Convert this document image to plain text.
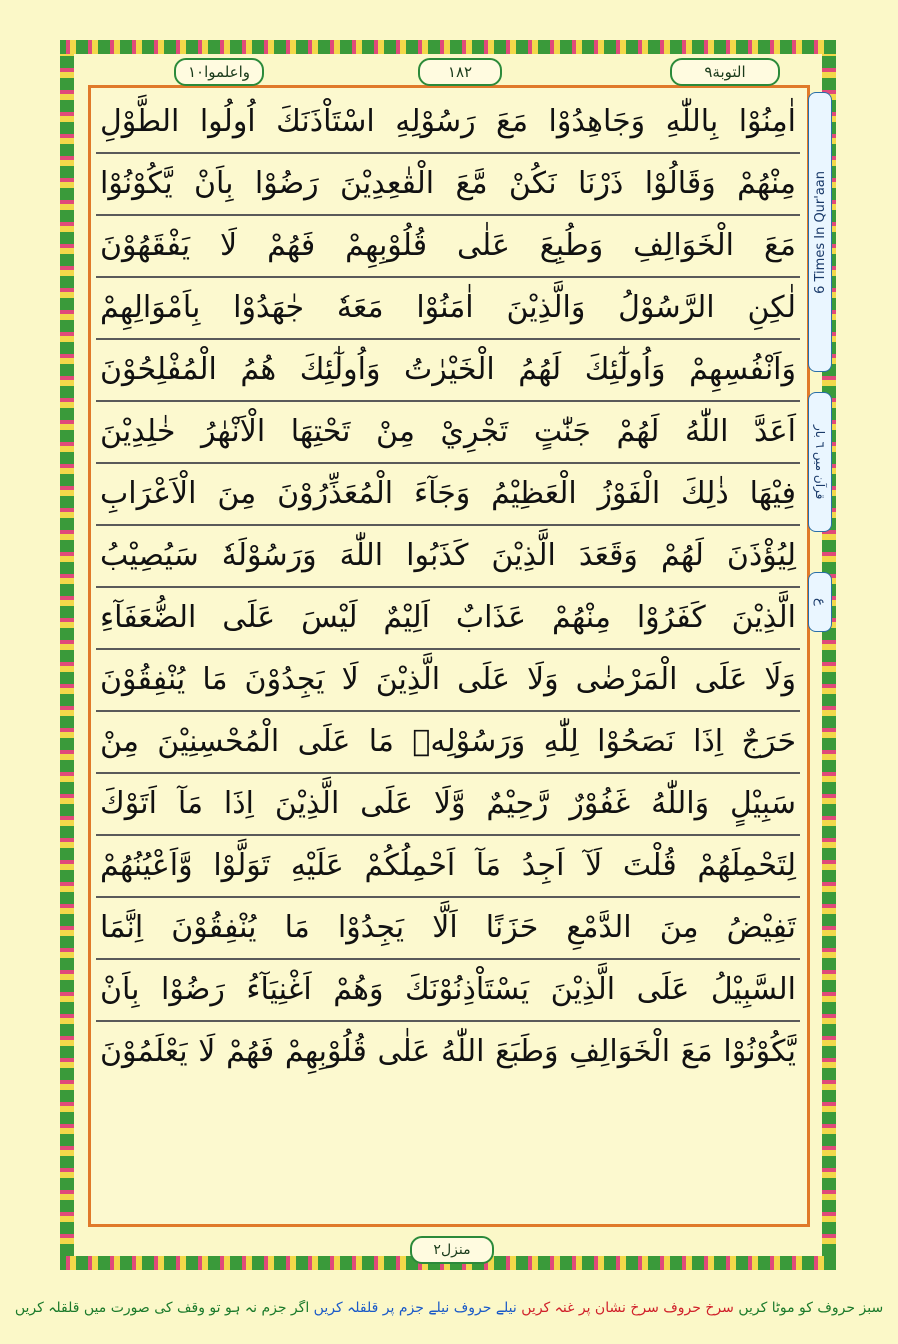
واعلموا١٠	١٨٢	التوبة٩
اٰمِنُوْا بِاللّٰهِ وَجَاهِدُوْا مَعَ رَسُوْلِهِ اسْتَاْذَنَكَ اُولُوا الطَّوْلِ
مِنْهُمْ وَقَالُوْا ذَرْنَا نَكُنْ مَّعَ الْقٰعِدِيْنَ رَضُوْا بِاَنْ يَّكُوْنُوْا
مَعَ الْخَوَالِفِ وَطُبِعَ عَلٰى قُلُوْبِهِمْ فَهُمْ لَا يَفْقَهُوْنَ
لٰكِنِ الرَّسُوْلُ وَالَّذِيْنَ اٰمَنُوْا مَعَهٗ جٰهَدُوْا بِاَمْوَالِهِمْ
وَاَنْفُسِهِمْ وَاُولٰٓئِكَ لَهُمُ الْخَيْرٰتُ وَاُولٰٓئِكَ هُمُ الْمُفْلِحُوْنَ
اَعَدَّ اللّٰهُ لَهُمْ جَنّٰتٍ تَجْرِيْ مِنْ تَحْتِهَا الْاَنْهٰرُ خٰلِدِيْنَ
فِيْهَا ذٰلِكَ الْفَوْزُ الْعَظِيْمُ وَجَآءَ الْمُعَذِّرُوْنَ مِنَ الْاَعْرَابِ
لِيُؤْذَنَ لَهُمْ وَقَعَدَ الَّذِيْنَ كَذَبُوا اللّٰهَ وَرَسُوْلَهٗ سَيُصِيْبُ
الَّذِيْنَ كَفَرُوْا مِنْهُمْ عَذَابٌ اَلِيْمٌ لَيْسَ عَلَى الضُّعَفَآءِ
وَلَا عَلَى الْمَرْضٰى وَلَا عَلَى الَّذِيْنَ لَا يَجِدُوْنَ مَا يُنْفِقُوْنَ
حَرَجٌ اِذَا نَصَحُوْا لِلّٰهِ وَرَسُوْلِهٖ مَا عَلَى الْمُحْسِنِيْنَ مِنْ
سَبِيْلٍ وَاللّٰهُ غَفُوْرٌ رَّحِيْمٌ وَّلَا عَلَى الَّذِيْنَ اِذَا مَآ اَتَوْكَ
لِتَحْمِلَهُمْ قُلْتَ لَآ اَجِدُ مَآ اَحْمِلُكُمْ عَلَيْهِ تَوَلَّوْا وَّاَعْيُنُهُمْ
تَفِيْضُ مِنَ الدَّمْعِ حَزَنًا اَلَّا يَجِدُوْا مَا يُنْفِقُوْنَ اِنَّمَا
السَّبِيْلُ عَلَى الَّذِيْنَ يَسْتَاْذِنُوْنَكَ وَهُمْ اَغْنِيَآءُ رَضُوْا بِاَنْ
يَّكُوْنُوْا مَعَ الْخَوَالِفِ وَطَبَعَ اللّٰهُ عَلٰى قُلُوْبِهِمْ فَهُمْ لَا يَعْلَمُوْنَ
6 Times In Qur'aan
قرآن میں ٦ بار
ع
منزل٢
سبز حروف کو موٹا کریں سرخ حروف سرخ نشان پر غنہ کریں نیلے حروف نیلے جزم پر قلقلہ کریں اگر جزم نہ ہو تو وقف کی صورت میں قلقلہ کریں
